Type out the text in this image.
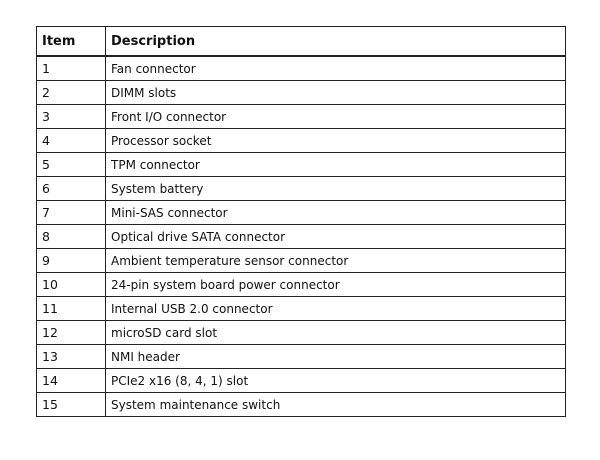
Item	Description
1	Fan connector
2	DIMM slots
3	Front I/O connector
4	Processor socket
5	TPM connector
6	System battery
7	Mini-SAS connector
8	Optical drive SATA connector
9	Ambient temperature sensor connector
10	24-pin system board power connector
11	Internal USB 2.0 connector
12	microSD card slot
13	NMI header
14	PCIe2 x16 (8, 4, 1) slot
15	System maintenance switch
